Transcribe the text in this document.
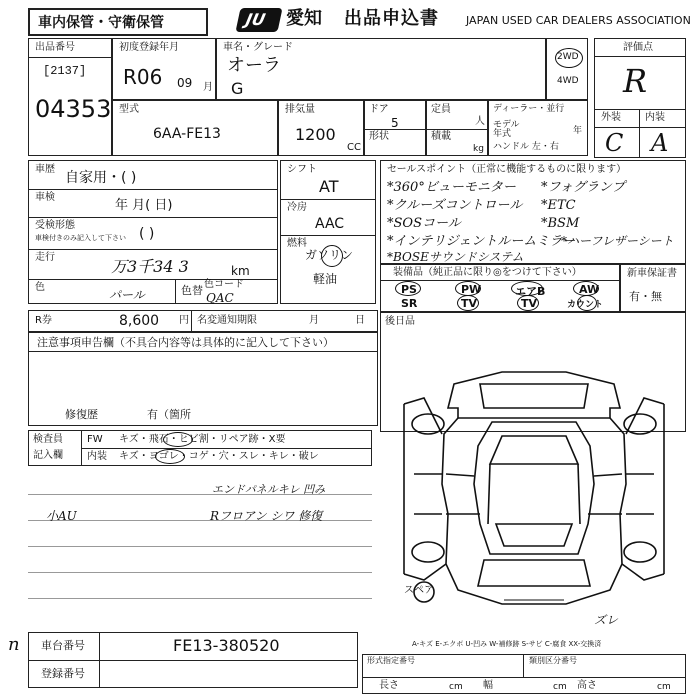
車内保管・守衛保管	JU 愛知 出品申込書 JAPAN USED CAR DEALERS ASSOCIATION
出品番号
[2137]
04353
初度登録年月
R06 09 月
車名・グレード
オーラ
G
2WD
4WD
評価点
R
外装 内装
C A
型式
6AA-FE13
排気量
1200
CC
ドア
5
形状
定員
人
積載
kg
ディーラー・並行
モデル年式	年
ハンドル 左・右
車歴
自家用・( )
車検
年 月( 日)
受検形態
車検付きのみ記入して下さい ( )
走行	万3千34 3	km
色
パール	色替 色コード
QAC
シフト
AT
冷房
AAC
燃料
ガソリン
軽油
セールスポイント（正常に機能するものに限ります）
*360°ビューモニター *フォグランプ
*クルーズコントロール *ETC
*SOSコール	*BSM
*インテリジェントルームミラー
*ハーフレザーシート
*BOSEサウンドシステム
装備品（純正品に限り◎をつけて下さい）
PS	PW	エアB	AW
SR	TV	TV	カウント
新車保証書
有・無
R券	8,600 円 名変通知期限	月	日 後日品
注意事項申告欄（不具合内容等は具体的に記入して下さい）
修復歴	有（箇所
検査員
記入欄
FW キズ・飛石・ヒビ割・リペア跡・X要
内装 キズ・ヨゴレ・コゲ・穴・スレ・キレ・破レ
エンドパネルキレ 凹み
小AU	Rフロアン シワ 修復
スペア
ズレ
A-キズ E-エクボ U-凹み W-補修跡 S-サビ C-腐食 XX-交換済
車台番号	FE13-380520
登録番号
n
形式指定番号	類別区分番号
長さ	cm 幅	cm 高さ	cm
